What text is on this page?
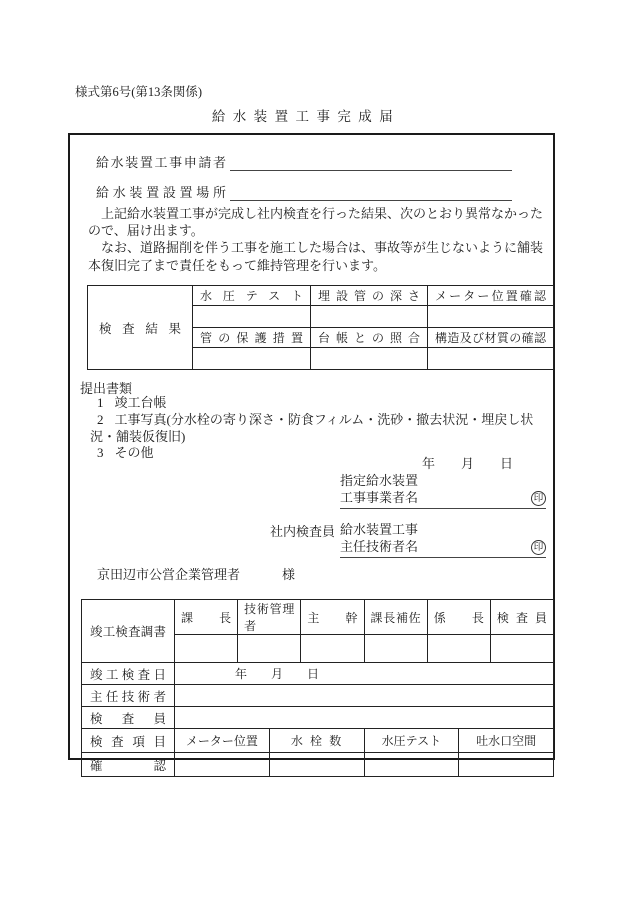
様式第6号(第13条関係)
給水装置工事完成届
給水装置工事申請者
給水装置設置場所

上記給水装置工事が完成し社内検査を行った結果、次のとおり異常なかったので、届け出ます。

なお、道路掘削を伴う工事を施工した場合は、事故等が生じないように舗装本復旧完了まで責任をもって維持管理を行います。

検査結果	水圧テスト	埋設管の深さ	メーター位置確認

	管の保護措置	台帳との照合	構造及び材質の確認

提出書類
1 竣工台帳
2 工事写真(分水栓の寄り深さ・防食フィルム・洗砂・撤去状況・埋戻し状況・舗装仮復旧)
3 その他
年　　月　　日
指定給水装置
工事事業者名	印
社内検査員 給水装置工事
主任技術者名	印
京田辺市公営企業管理者	様
竣工検査調書	課長	技術管理者		主幹	課長補佐	係長		検査員

竣工検査日	年　　月　　日							
主任技術者								
検査員								
検査項目	メーター位置		水栓数		水圧テスト		吐水口空間	
確認								
